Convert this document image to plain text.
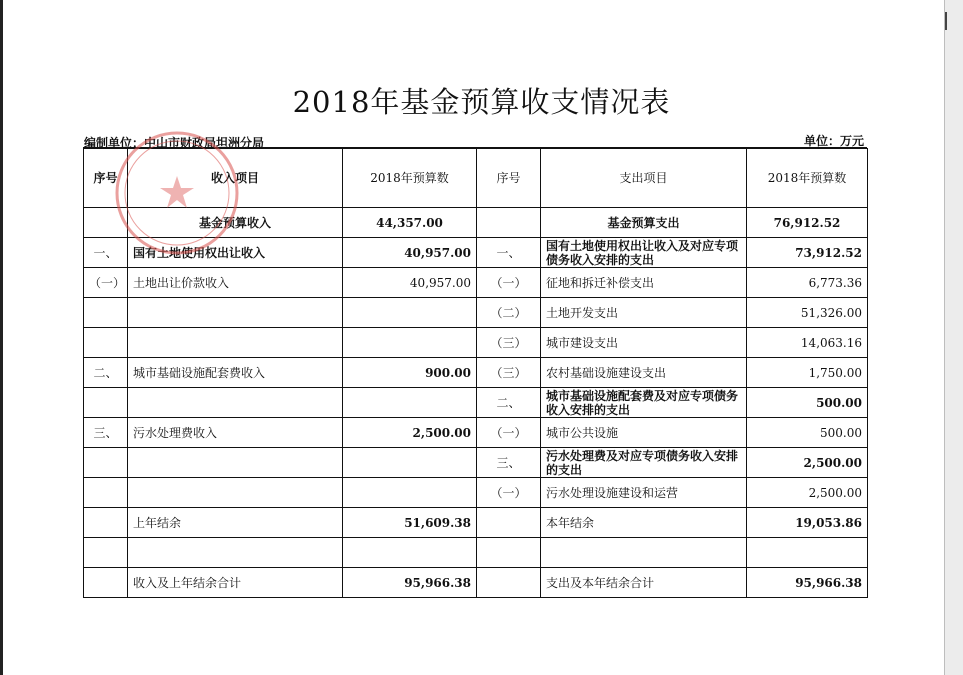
2018年基金预算收支情况表
编制单位：中山市财政局坦洲分局	单位：万元
序号	收入项目	2018年预算数	序号	支出项目	2018年预算数
	基金预算收入	44,357.00		基金预算支出	76,912.52
一、	国有土地使用权出让收入	40,957.00	一、	国有土地使用权出让收入及对应专项债务收入安排的支出	73,912.52
（一）	土地出让价款收入	40,957.00	（一）	征地和拆迁补偿支出	6,773.36
			（二）	土地开发支出	51,326.00
			（三）	城市建设支出	14,063.16
二、	城市基础设施配套费收入	900.00	（三）	农村基础设施建设支出	1,750.00
			二、	城市基础设施配套费及对应专项债务收入安排的支出	500.00
三、	污水处理费收入	2,500.00	（一）	城市公共设施	500.00
			三、	污水处理费及对应专项债务收入安排的支出	2,500.00
			（一）	污水处理设施建设和运营	2,500.00
	上年结余	51,609.38		本年结余	19,053.86

	收入及上年结余合计	95,966.38		支出及本年结余合计	95,966.38
